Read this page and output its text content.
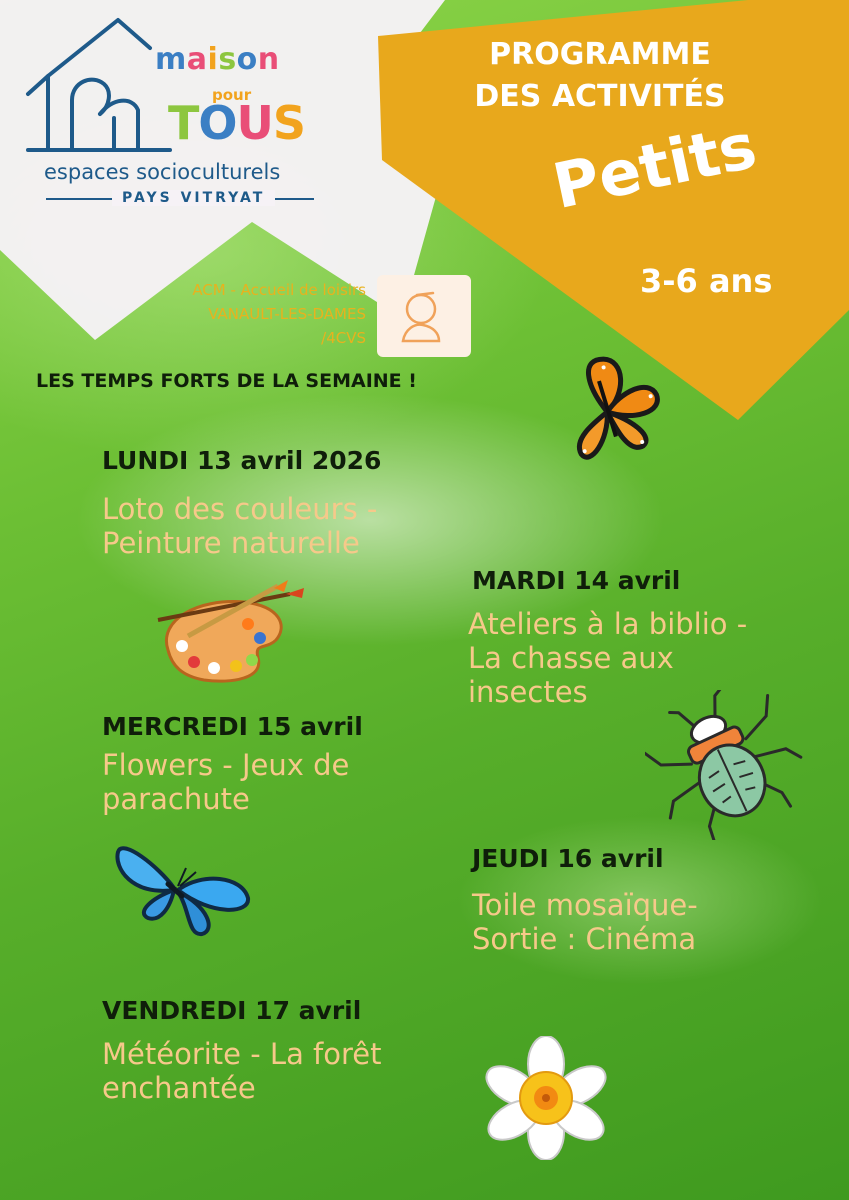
maison
pour
TOUS
espaces socioculturels
PAYS VITRYAT
PROGRAMME
DES ACTIVITÉS
Petits
3-6 ans
ACM - Accueil de loisirs
VANAULT-LES-DAMES
/4CVS
LES TEMPS FORTS DE LA SEMAINE !
LUNDI 13 avril 2026
Loto des couleurs -
Peinture naturelle
MARDI 14 avril
Ateliers à la biblio -
La chasse aux
insectes
MERCREDI 15 avril
Flowers - Jeux de
parachute
JEUDI 16 avril
Toile mosaïque-
Sortie : Cinéma
VENDREDI 17 avril
Météorite - La forêt
enchantée
